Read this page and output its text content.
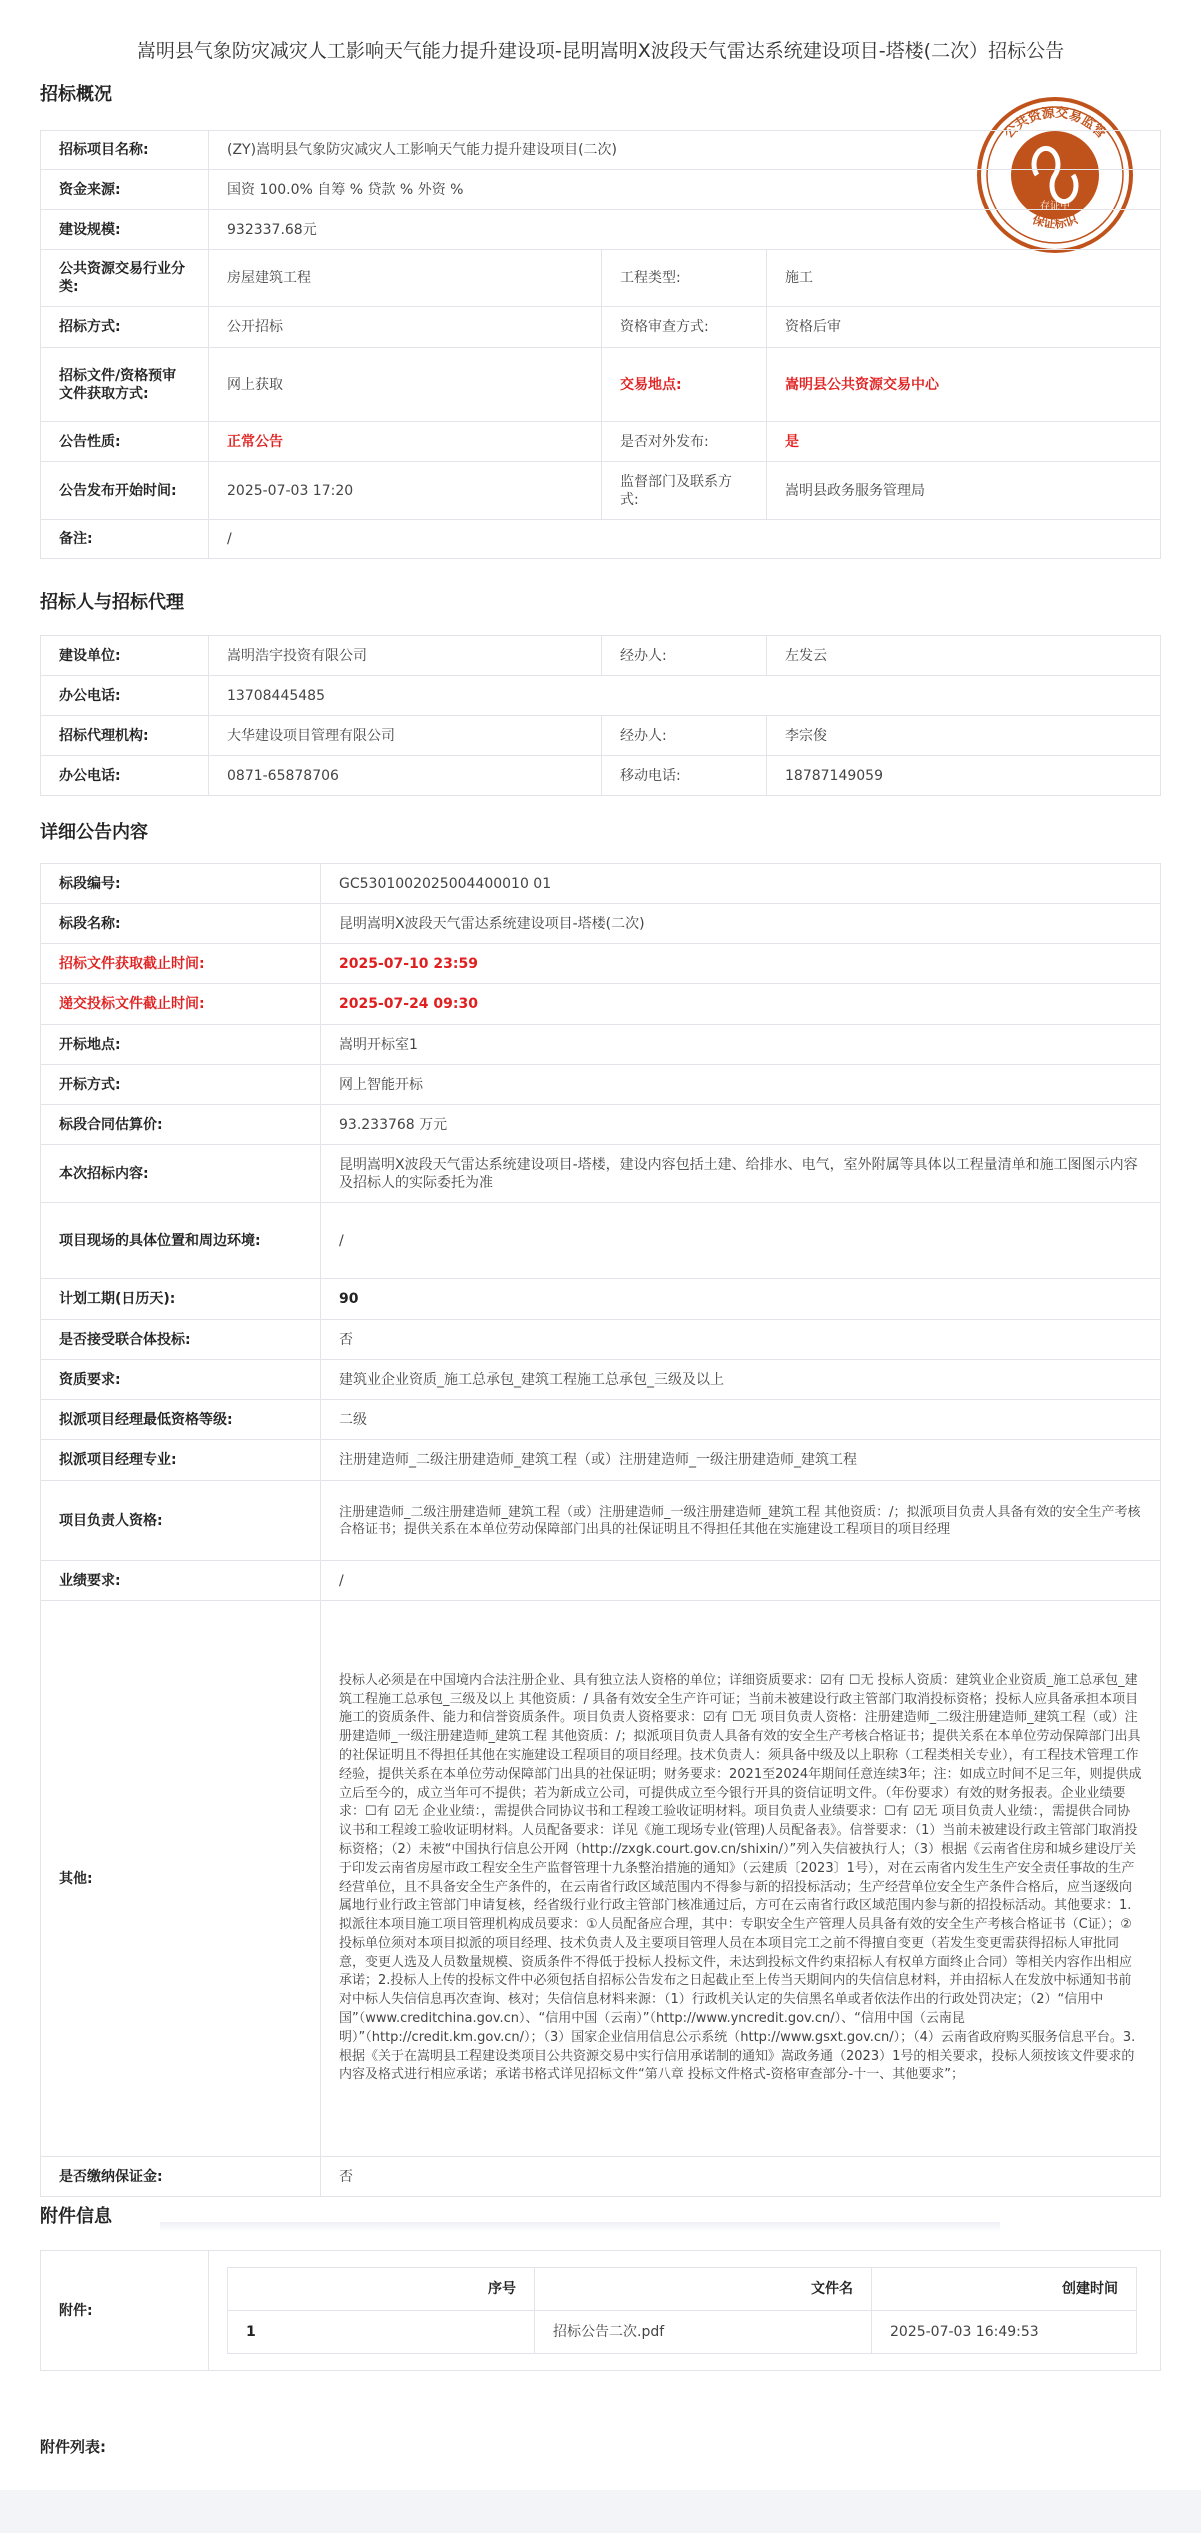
嵩明县气象防灾减灾人工影响天气能力提升建设项-昆明嵩明X波段天气雷达系统建设项目-塔楼(二次）招标公告
招标概况
公共资源交易监管
保证标识
存证中
招标项目名称:	(ZY)嵩明县气象防灾减灾人工影响天气能力提升建设项目(二次)		
资金来源:	国资 100.0% 自筹 % 贷款 % 外资 %		
建设规模:	932337.68元		
公共资源交易行业分类:	房屋建筑工程	工程类型:	施工
招标方式:	公开招标	资格审查方式:	资格后审
招标文件/资格预审文件获取方式:	网上获取	交易地点:	嵩明县公共资源交易中心
公告性质:	正常公告	是否对外发布:	是
公告发布开始时间:	2025-07-03 17:20	监督部门及联系方式:	嵩明县政务服务管理局
备注:	/		
招标人与招标代理
建设单位:	嵩明浩宇投资有限公司	经办人:	左发云
办公电话:	13708445485		
招标代理机构:	大华建设项目管理有限公司	经办人:	李宗俊
办公电话:	0871-65878706	移动电话:	18787149059
详细公告内容
标段编号:	GC5301002025004400010 01
标段名称:	昆明嵩明X波段天气雷达系统建设项目-塔楼(二次)
招标文件获取截止时间:	2025-07-10 23:59
递交投标文件截止时间:	2025-07-24 09:30
开标地点:	嵩明开标室1
开标方式:	网上智能开标
标段合同估算价:	93.233768 万元
本次招标内容:	昆明嵩明X波段天气雷达系统建设项目-塔楼，建设内容包括土建、给排水、电气，室外附属等具体以工程量清单和施工图图示内容及招标人的实际委托为准
项目现场的具体位置和周边环境:	/
计划工期(日历天):	90
是否接受联合体投标:	否
资质要求:	建筑业企业资质_施工总承包_建筑工程施工总承包_三级及以上
拟派项目经理最低资格等级:	二级
拟派项目经理专业:	注册建造师_二级注册建造师_建筑工程（或）注册建造师_一级注册建造师_建筑工程
项目负责人资格:	注册建造师_二级注册建造师_建筑工程（或）注册建造师_一级注册建造师_建筑工程 其他资质：/；拟派项目负责人具备有效的安全生产考核合格证书；提供关系在本单位劳动保障部门出具的社保证明且不得担任其他在实施建设工程项目的项目经理
业绩要求:	/
其他:	投标人必须是在中国境内合法注册企业、具有独立法人资格的单位；详细资质要求：☑有 ☐无 投标人资质：建筑业企业资质_施工总承包_建筑工程施工总承包_三级及以上 其他资质：/ 具备有效安全生产许可证；当前未被建设行政主管部门取消投标资格；投标人应具备承担本项目施工的资质条件、能力和信誉资质条件。项目负责人资格要求：☑有 ☐无 项目负责人资格：注册建造师_二级注册建造师_建筑工程（或）注册建造师_一级注册建造师_建筑工程 其他资质：/；拟派项目负责人具备有效的安全生产考核合格证书；提供关系在本单位劳动保障部门出具的社保证明且不得担任其他在实施建设工程项目的项目经理。技术负责人：须具备中级及以上职称（工程类相关专业），有工程技术管理工作经验，提供关系在本单位劳动保障部门出具的社保证明；财务要求：2021至2024年期间任意连续3年；注：如成立时间不足三年，则提供成立后至今的，成立当年可不提供；若为新成立公司，可提供成立至今银行开具的资信证明文件。（年份要求）有效的财务报表。企业业绩要求：☐有 ☑无 企业业绩：，需提供合同协议书和工程竣工验收证明材料。项目负责人业绩要求：☐有 ☑无 项目负责人业绩：，需提供合同协议书和工程竣工验收证明材料。人员配备要求：详见《施工现场专业(管理)人员配备表》。信誉要求：（1）当前未被建设行政主管部门取消投标资格；（2）未被“中国执行信息公开网（http://zxgk.court.gov.cn/shixin/）”列入失信被执行人；（3）根据《云南省住房和城乡建设厅关于印发云南省房屋市政工程安全生产监督管理十九条整治措施的通知》（云建质〔2023〕1号），对在云南省内发生生产安全责任事故的生产经营单位，且不具备安全生产条件的，在云南省行政区域范围内不得参与新的招投标活动；生产经营单位安全生产条件合格后，应当逐级向属地行业行政主管部门申请复核，经省级行业行政主管部门核准通过后，方可在云南省行政区域范围内参与新的招投标活动。其他要求：1.拟派往本项目施工项目管理机构成员要求：①人员配备应合理，其中：专职安全生产管理人员具备有效的安全生产考核合格证书（C证）；②投标单位须对本项目拟派的项目经理、技术负责人及主要项目管理人员在本项目完工之前不得擅自变更（若发生变更需获得招标人审批同意，变更人选及人员数量规模、资质条件不得低于投标人投标文件，未达到投标文件约束招标人有权单方面终止合同）等相关内容作出相应承诺；2.投标人上传的投标文件中必须包括自招标公告发布之日起截止至上传当天期间内的失信信息材料，并由招标人在发放中标通知书前对中标人失信信息再次查询、核对；失信信息材料来源：（1）行政机关认定的失信黑名单或者依法作出的行政处罚决定；（2）“信用中国”（www.creditchina.gov.cn）、“信用中国（云南）”（http://www.yncredit.gov.cn/）、“信用中国（云南昆明）”（http://credit.km.gov.cn/）；（3）国家企业信用信息公示系统（http://www.gsxt.gov.cn/）；（4）云南省政府购买服务信息平台。3.根据《关于在嵩明县工程建设类项目公共资源交易中实行信用承诺制的通知》嵩政务通（2023）1号的相关要求，投标人须按该文件要求的内容及格式进行相应承诺；承诺书格式详见招标文件“第八章 投标文件格式-资格审查部分-十一、其他要求”；
是否缴纳保证金:	否
附件信息
附件:	
序号	文件名	创建时间
1	招标公告二次.pdf	2025-07-03 16:49:53
附件列表:
